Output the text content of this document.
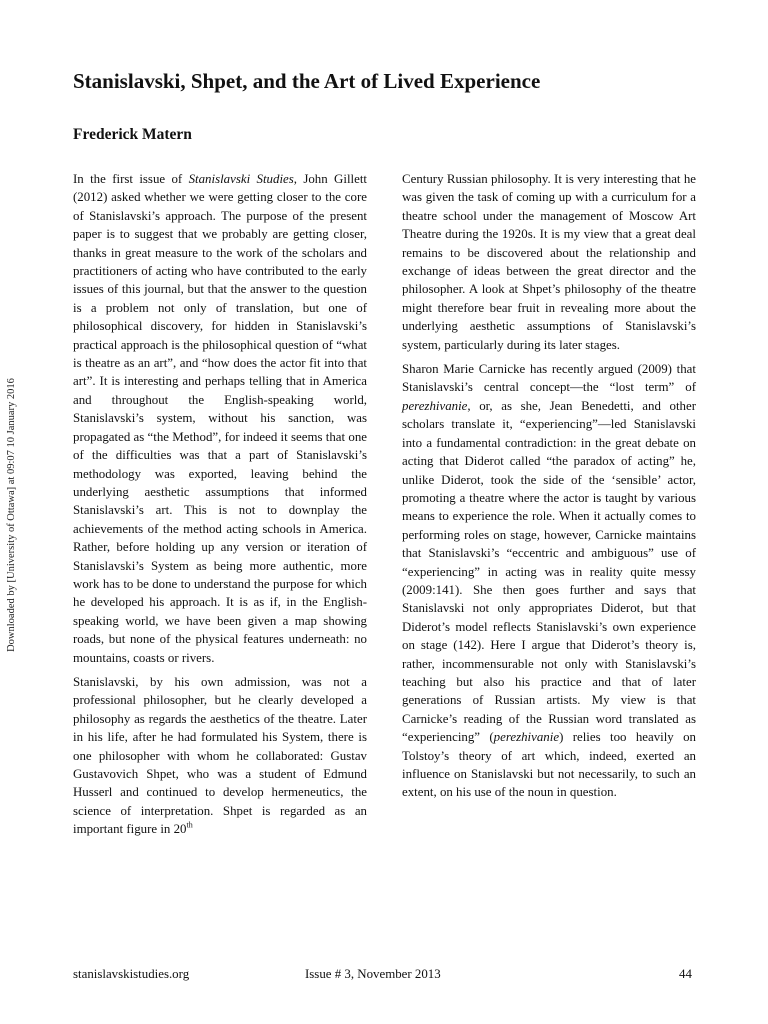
Stanislavski, Shpet, and the Art of Lived Experience
Frederick Matern
Downloaded by [University of Ottawa] at 09:07 10 January 2016

In the first issue of Stanislavski Studies, John Gillett (2012) asked whether we were getting closer to the core of Stanislavski’s approach. The purpose of the present paper is to suggest that we probably are getting closer, thanks in great measure to the work of the scholars and practitioners of acting who have contributed to the early issues of this journal, but that the answer to the question is a problem not only of translation, but one of philosophical discovery, for hidden in Stanislavski’s practical approach is the philosophical question of “what is theatre as an art”, and “how does the actor fit into that art”. It is interesting and perhaps telling that in America and throughout the English-speaking world, Stanislavski’s system, without his sanction, was propagated as “the Method”, for indeed it seems that one of the difficulties was that a part of Stanislavski’s methodology was exported, leaving behind the underlying aesthetic assumptions that informed Stanislavski’s art. This is not to downplay the achievements of the method acting schools in America. Rather, before holding up any version or iteration of Stanislavski’s System as being more authentic, more work has to be done to understand the purpose for which he developed his approach. It is as if, in the English-speaking world, we have been given a map showing roads, but none of the physical features underneath: no mountains, coasts or rivers.

Stanislavski, by his own admission, was not a professional philosopher, but he clearly developed a philosophy as regards the aesthetics of the theatre. Later in his life, after he had formulated his System, there is one philosopher with whom he collaborated: Gustav Gustavovich Shpet, who was a student of Edmund Husserl and continued to develop hermeneutics, the science of interpretation. Shpet is regarded as an important figure in 20th

Century Russian philosophy. It is very interesting that he was given the task of coming up with a curriculum for a theatre school under the management of Moscow Art Theatre during the 1920s. It is my view that a great deal remains to be discovered about the relationship and exchange of ideas between the great director and the philosopher. A look at Shpet’s philosophy of the theatre might therefore bear fruit in revealing more about the underlying aesthetic assumptions of Stanislavski’s system, particularly during its later stages.

Sharon Marie Carnicke has recently argued (2009) that Stanislavski’s central concept—the “lost term” of perezhivanie, or, as she, Jean Benedetti, and other scholars translate it, “experiencing”—led Stanislavski into a fundamental contradiction: in the great debate on acting that Diderot called “the paradox of acting” he, unlike Diderot, took the side of the ‘sensible’ actor, promoting a theatre where the actor is taught by various means to experience the role. When it actually comes to performing roles on stage, however, Carnicke maintains that Stanislavski’s “eccentric and ambiguous” use of “experiencing” in acting was in reality quite messy (2009:141). She then goes further and says that Stanislavski not only appropriates Diderot, but that Diderot’s model reflects Stanislavski’s own experience on stage (142). Here I argue that Diderot’s theory is, rather, incommensurable not only with Stanislavski’s teaching but also his practice and that of later generations of Russian artists. My view is that Carnicke’s reading of the Russian word translated as “experiencing” (perezhivanie) relies too heavily on Tolstoy’s theory of art which, indeed, exerted an influence on Stanislavski but not necessarily, to such an extent, on his use of the noun in question.

stanislavskistudies.org	Issue # 3, November 2013	44
